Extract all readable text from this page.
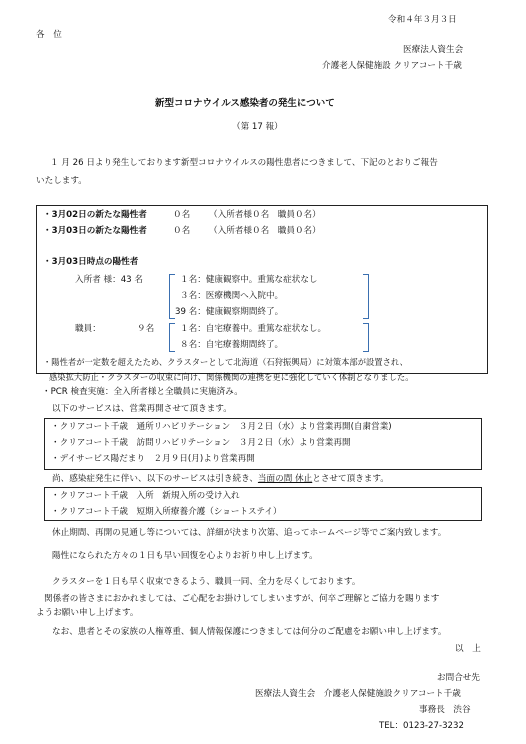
令和４年３月３日
各　位
医療法人資生会
介護老人保健施設 クリアコート千歳
新型コロナウイルス感染者の発生について
（第 17 報）
１ 月 26 日より発生しております新型コロナウイルスの陽性患者につきまして、下記のとおりご報告
いたします。
・3月02日の新たな陽性者	０名 （入所者様０名　職員０名）
・3月03日の新たな陽性者	０名 （入所者様０名　職員０名）
・3月03日時点の陽性者
入所者 様：43 名	１名：健康観察中。重篤な症状なし
３名：医療機関へ入院中。
39 名：健康観察期間終了。
職員：	９名	１名：自宅療養中。重篤な症状なし。
８名：自宅療養期間終了。
・陽性者が一定数を超えたため、クラスターとして北海道（石狩振興局）に対策本部が設置され、
感染拡大防止・クラスターの収束に向け、関係機関の連携を更に強化していく体制となりました。
・PCR 検査実施：全入所者様と全職員に実施済み。
以下のサービスは、営業再開させて頂きます。
・クリアコート千歳　通所リハビリテーション　３月２日（水）より営業再開(自粛営業)
・クリアコート千歳　訪問リハビリテーション　３月２日（水）より営業再開
・デイサービス陽だまり　２月９日(月)より営業再開
尚、感染症発生に伴い、以下のサービスは引き続き、当面の間 休止とさせて頂きます。
・クリアコート千歳　入所　新規入所の受け入れ
・クリアコート千歳　短期入所療養介護（ショートステイ）
休止期間、再開の見通し等については、詳細が決まり次第、追ってホームページ等でご案内致します。
陽性になられた方々の１日も早い回復を心よりお祈り申し上げます。
クラスターを１日も早く収束できるよう、職員一同、全力を尽くしております。
関係者の皆さまにおかれましては、ご心配をお掛けしてしまいますが、何卒ご理解とご協力を賜ります
ようお願い申し上げます。
なお、患者とその家族の人権尊重、個人情報保護につきましては何分のご配慮をお願い申し上げます。
以　上
お問合せ先
医療法人資生会　介護老人保健施設クリアコート千歳
事務長　渋谷
TEL：0123-27-3232
